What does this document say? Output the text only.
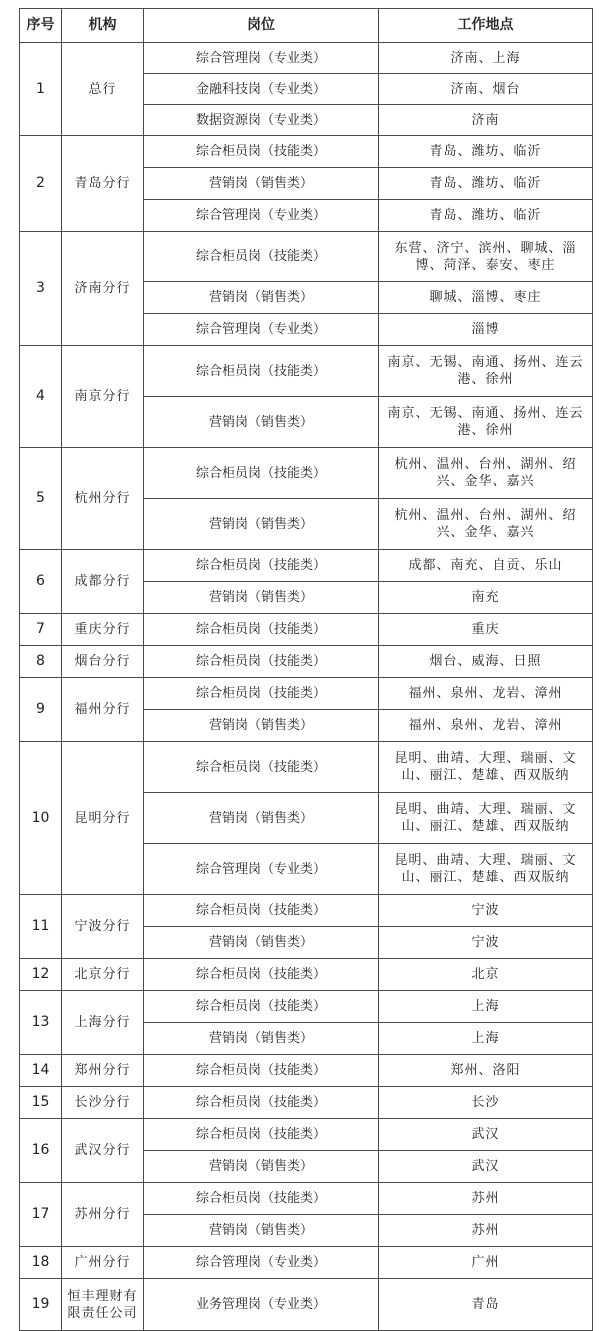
序号	机构	岗位	工作地点
1	总行	综合管理岗（专业类）	济南、上海
		金融科技岗（专业类）	济南、烟台
		数据资源岗（专业类）	济南
2	青岛分行	综合柜员岗（技能类）	青岛、潍坊、临沂
		营销岗（销售类）	青岛、潍坊、临沂
		综合管理岗（专业类）	青岛、潍坊、临沂
3	济南分行	综合柜员岗（技能类）	东营、济宁、滨州、聊城、淄博、菏泽、泰安、枣庄
		营销岗（销售类）	聊城、淄博、枣庄
		综合管理岗（专业类）	淄博
4	南京分行	综合柜员岗（技能类）	南京、无锡、南通、扬州、连云港、徐州
		营销岗（销售类）	南京、无锡、南通、扬州、连云港、徐州
5	杭州分行	综合柜员岗（技能类）	杭州、温州、台州、湖州、绍兴、金华、嘉兴
		营销岗（销售类）	杭州、温州、台州、湖州、绍兴、金华、嘉兴
6	成都分行	综合柜员岗（技能类）	成都、南充、自贡、乐山
		营销岗（销售类）	南充
7	重庆分行	综合柜员岗（技能类）	重庆
8	烟台分行	综合柜员岗（技能类）	烟台、威海、日照
9	福州分行	综合柜员岗（技能类）	福州、泉州、龙岩、漳州
		营销岗（销售类）	福州、泉州、龙岩、漳州
10	昆明分行	综合柜员岗（技能类）	昆明、曲靖、大理、瑞丽、文山、丽江、楚雄、西双版纳
		营销岗（销售类）	昆明、曲靖、大理、瑞丽、文山、丽江、楚雄、西双版纳
		综合管理岗（专业类）	昆明、曲靖、大理、瑞丽、文山、丽江、楚雄、西双版纳
11	宁波分行	综合柜员岗（技能类）	宁波
		营销岗（销售类）	宁波
12	北京分行	综合柜员岗（技能类）	北京
13	上海分行	综合柜员岗（技能类）	上海
		营销岗（销售类）	上海
14	郑州分行	综合柜员岗（技能类）	郑州、洛阳
15	长沙分行	综合柜员岗（技能类）	长沙
16	武汉分行	综合柜员岗（技能类）	武汉
		营销岗（销售类）	武汉
17	苏州分行	综合柜员岗（技能类）	苏州
		营销岗（销售类）	苏州
18	广州分行	综合管理岗（专业类）	广州
19	恒丰理财有限责任公司	业务管理岗（专业类）	青岛
